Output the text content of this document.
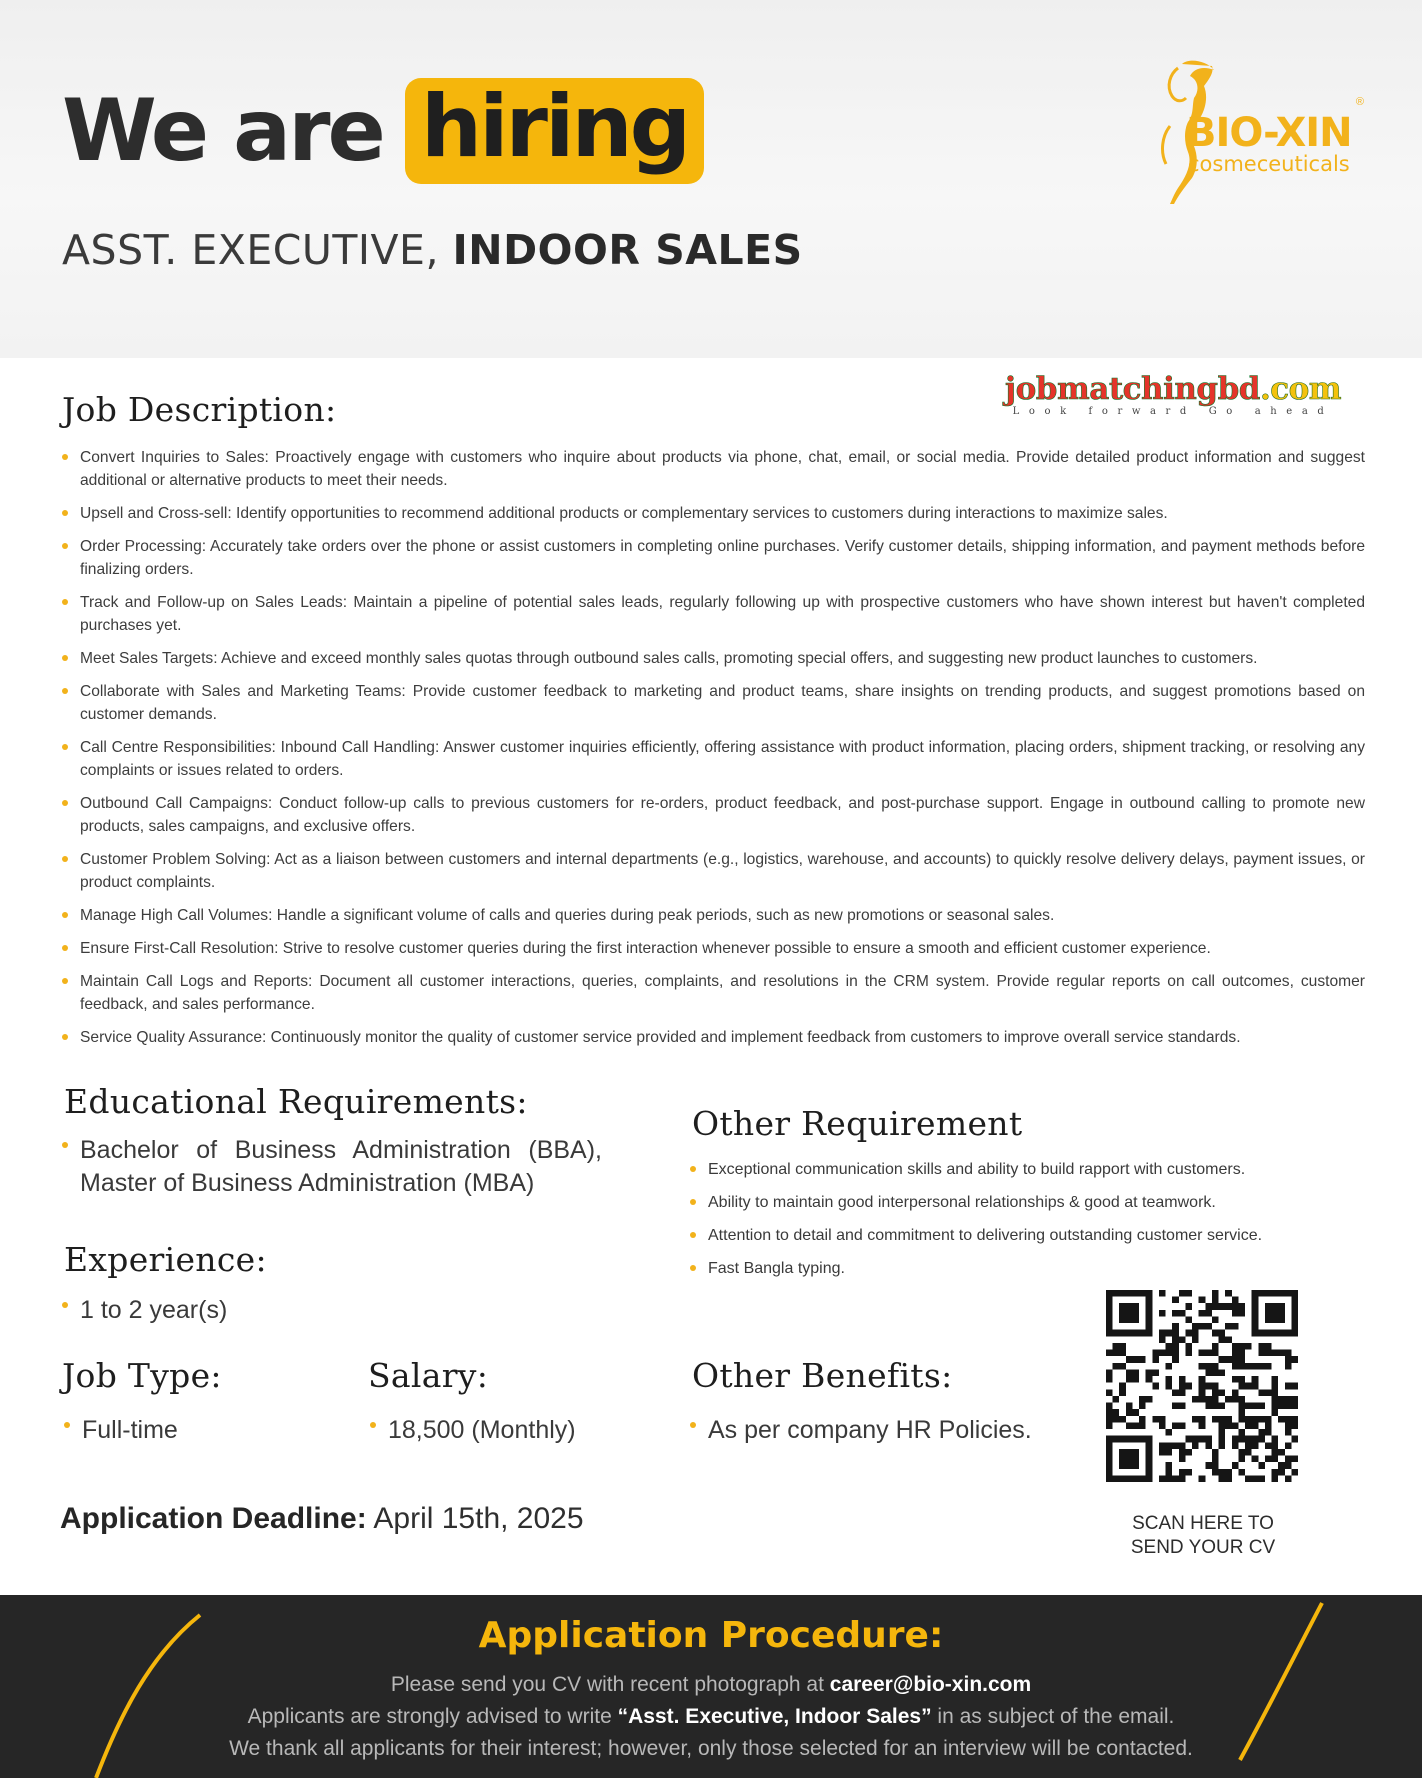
We are hiring
ASST. EXECUTIVE, INDOOR SALES
BIO-XIN
®
cosmeceuticals
jobmatchingbd.com
Look forward Go ahead
Job Description:
Convert Inquiries to Sales: Proactively engage with customers who inquire about products via phone, chat, email, or social media. Provide detailed product information and suggest additional or alternative products to meet their needs.
Upsell and Cross-sell: Identify opportunities to recommend additional products or complementary services to customers during interactions to maximize sales.
Order Processing: Accurately take orders over the phone or assist customers in completing online purchases. Verify customer details, shipping information, and payment methods before finalizing orders.
Track and Follow-up on Sales Leads: Maintain a pipeline of potential sales leads, regularly following up with prospective customers who have shown interest but haven't completed purchases yet.
Meet Sales Targets: Achieve and exceed monthly sales quotas through outbound sales calls, promoting special offers, and suggesting new product launches to customers.
Collaborate with Sales and Marketing Teams: Provide customer feedback to marketing and product teams, share insights on trending products, and suggest promotions based on customer demands.
Call Centre Responsibilities: Inbound Call Handling: Answer customer inquiries efficiently, offering assistance with product information, placing orders, shipment tracking, or resolving any complaints or issues related to orders.
Outbound Call Campaigns: Conduct follow-up calls to previous customers for re-orders, product feedback, and post-purchase support. Engage in outbound calling to promote new products, sales campaigns, and exclusive offers.
Customer Problem Solving: Act as a liaison between customers and internal departments (e.g., logistics, warehouse, and accounts) to quickly resolve delivery delays, payment issues, or product complaints.
Manage High Call Volumes: Handle a significant volume of calls and queries during peak periods, such as new promotions or seasonal sales.
Ensure First-Call Resolution: Strive to resolve customer queries during the first interaction whenever possible to ensure a smooth and efficient customer experience.
Maintain Call Logs and Reports: Document all customer interactions, queries, complaints, and resolutions in the CRM system. Provide regular reports on call outcomes, customer feedback, and sales performance.
Service Quality Assurance: Continuously monitor the quality of customer service provided and implement feedback from customers to improve overall service standards.
Educational Requirements:
Bachelor of Business Administration (BBA), Master of Business Administration (MBA)
Experience:
1 to 2 year(s)
Job Type:
Full-time
Salary:
18,500 (Monthly)
Other Requirement
Exceptional communication skills and ability to build rapport with customers.
Ability to maintain good interpersonal relationships & good at teamwork.
Attention to detail and commitment to delivering outstanding customer service.
Fast Bangla typing.
Other Benefits:
As per company HR Policies.
Application Deadline: April 15th, 2025	SCAN HERE TO
SEND YOUR CV
Application Procedure:
Please send you CV with recent photograph at career@bio-xin.com
Applicants are strongly advised to write “Asst. Executive, Indoor Sales” in as subject of the email.
We thank all applicants for their interest; however, only those selected for an interview will be contacted.
